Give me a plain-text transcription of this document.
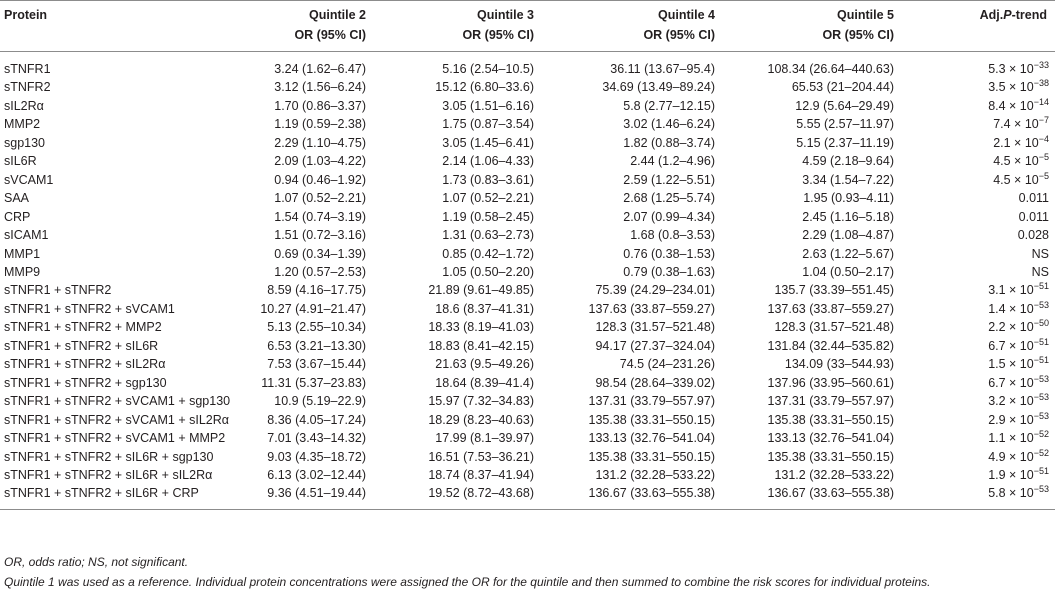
Protein	Quintile 2	Quintile 3	Quintile 4	Quintile 5	Adj.P-trend
	OR (95% CI)	OR (95% CI)	OR (95% CI)	OR (95% CI)	
sTNFR1	3.24 (1.62–6.47)	5.16 (2.54–10.5)	36.11 (13.67–95.4)	108.34 (26.64–440.63)	$5.3 \times 10^{-33}$
sTNFR2	3.12 (1.56–6.24)	15.12 (6.80–33.6)	34.69 (13.49–89.24)	65.53 (21–204.44)	$3.5 \times 10^{-38}$
sIL2Rα	1.70 (0.86–3.37)	3.05 (1.51–6.16)	5.8 (2.77–12.15)	12.9 (5.64–29.49)	$8.4 \times 10^{-14}$
MMP2	1.19 (0.59–2.38)	1.75 (0.87–3.54)	3.02 (1.46–6.24)	5.55 (2.57–11.97)	$7.4 \times 10^{-7}$
sgp130	2.29 (1.10–4.75)	3.05 (1.45–6.41)	1.82 (0.88–3.74)	5.15 (2.37–11.19)	$2.1 \times 10^{-4}$
sIL6R	2.09 (1.03–4.22)	2.14 (1.06–4.33)	2.44 (1.2–4.96)	4.59 (2.18–9.64)	$4.5 \times 10^{-5}$
sVCAM1	0.94 (0.46–1.92)	1.73 (0.83–3.61)	2.59 (1.22–5.51)	3.34 (1.54–7.22)	$4.5 \times 10^{-5}$
SAA	1.07 (0.52–2.21)	1.07 (0.52–2.21)	2.68 (1.25–5.74)	1.95 (0.93–4.11)	0.011
CRP	1.54 (0.74–3.19)	1.19 (0.58–2.45)	2.07 (0.99–4.34)	2.45 (1.16–5.18)	0.011
sICAM1	1.51 (0.72–3.16)	1.31 (0.63–2.73)	1.68 (0.8–3.53)	2.29 (1.08–4.87)	0.028
MMP1	0.69 (0.34–1.39)	0.85 (0.42–1.72)	0.76 (0.38–1.53)	2.63 (1.22–5.67)	NS
MMP9	1.20 (0.57–2.53)	1.05 (0.50–2.20)	0.79 (0.38–1.63)	1.04 (0.50–2.17)	NS
sTNFR1 + sTNFR2	8.59 (4.16–17.75)	21.89 (9.61–49.85)	75.39 (24.29–234.01)	135.7 (33.39–551.45)	$3.1 \times 10^{-51}$
sTNFR1 + sTNFR2 + sVCAM1	10.27 (4.91–21.47)	18.6 (8.37–41.31)	137.63 (33.87–559.27)	137.63 (33.87–559.27)	$1.4 \times 10^{-53}$
sTNFR1 + sTNFR2 + MMP2	5.13 (2.55–10.34)	18.33 (8.19–41.03)	128.3 (31.57–521.48)	128.3 (31.57–521.48)	$2.2 \times 10^{-50}$
sTNFR1 + sTNFR2 + sIL6R	6.53 (3.21–13.30)	18.83 (8.41–42.15)	94.17 (27.37–324.04)	131.84 (32.44–535.82)	$6.7 \times 10^{-51}$
sTNFR1 + sTNFR2 + sIL2Rα	7.53 (3.67–15.44)	21.63 (9.5–49.26)	74.5 (24–231.26)	134.09 (33–544.93)	$1.5 \times 10^{-51}$
sTNFR1 + sTNFR2 + sgp130	11.31 (5.37–23.83)	18.64 (8.39–41.4)	98.54 (28.64–339.02)	137.96 (33.95–560.61)	$6.7 \times 10^{-53}$
sTNFR1 + sTNFR2 + sVCAM1 + sgp130	10.9 (5.19–22.9)	15.97 (7.32–34.83)	137.31 (33.79–557.97)	137.31 (33.79–557.97)	$3.2 \times 10^{-53}$
sTNFR1 + sTNFR2 + sVCAM1 + sIL2Rα	8.36 (4.05–17.24)	18.29 (8.23–40.63)	135.38 (33.31–550.15)	135.38 (33.31–550.15)	$2.9 \times 10^{-53}$
sTNFR1 + sTNFR2 + sVCAM1 + MMP2	7.01 (3.43–14.32)	17.99 (8.1–39.97)	133.13 (32.76–541.04)	133.13 (32.76–541.04)	$1.1 \times 10^{-52}$
sTNFR1 + sTNFR2 + sIL6R + sgp130	9.03 (4.35–18.72)	16.51 (7.53–36.21)	135.38 (33.31–550.15)	135.38 (33.31–550.15)	$4.9 \times 10^{-52}$
sTNFR1 + sTNFR2 + sIL6R + sIL2Rα	6.13 (3.02–12.44)	18.74 (8.37–41.94)	131.2 (32.28–533.22)	131.2 (32.28–533.22)	$1.9 \times 10^{-51}$
sTNFR1 + sTNFR2 + sIL6R + CRP	9.36 (4.51–19.44)	19.52 (8.72–43.68)	136.67 (33.63–555.38)	136.67 (33.63–555.38)	$5.8 \times 10^{-53}$
OR, odds ratio; NS, not significant.
Quintile 1 was used as a reference. Individual protein concentrations were assigned the OR for the quintile and then summed to combine the risk scores for individual proteins.
